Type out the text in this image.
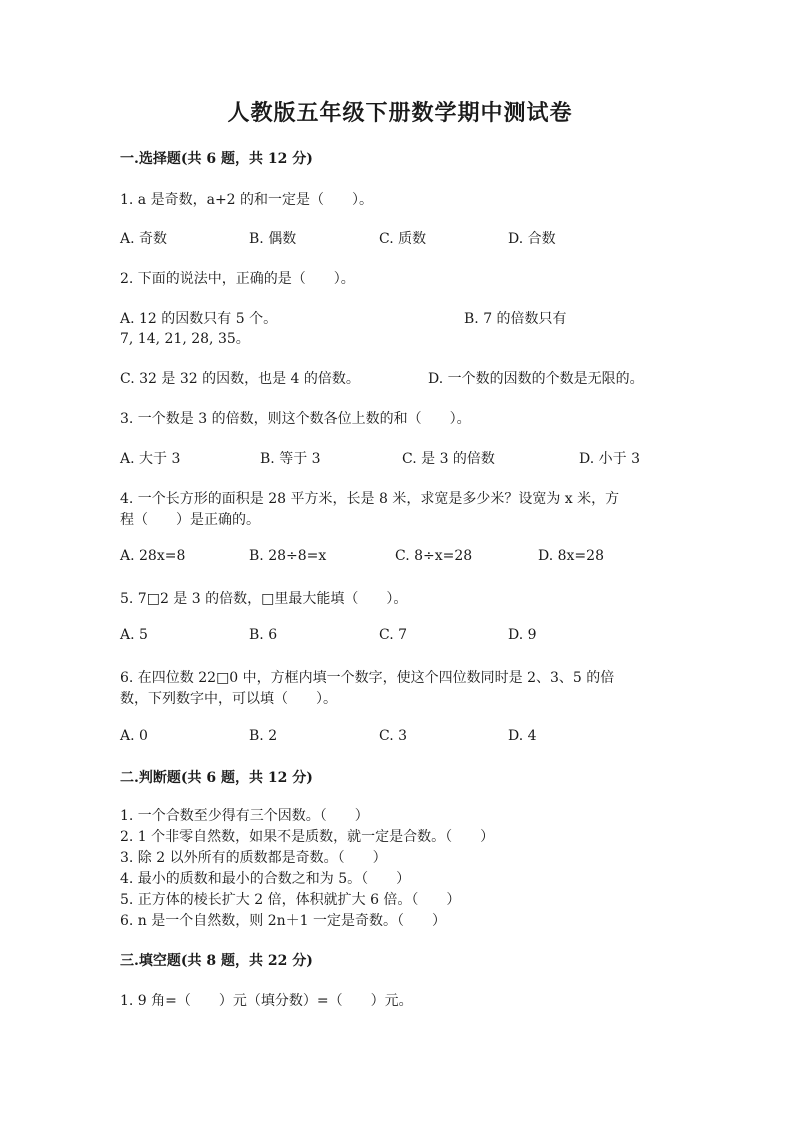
人教版五年级下册数学期中测试卷
一.选择题(共 6 题，共 12 分)
1. a 是奇数，a+2 的和一定是（　　）。
A. 奇数	B. 偶数	C. 质数	D. 合数
2. 下面的说法中，正确的是（　　）。
A. 12 的因数只有 5 个。	B. 7 的倍数只有
7, 14, 21, 28, 35。
C. 32 是 32 的因数，也是 4 的倍数。	D. 一个数的因数的个数是无限的。
3. 一个数是 3 的倍数，则这个数各位上数的和（　　）。
A. 大于 3	B. 等于 3	C. 是 3 的倍数	D. 小于 3
4. 一个长方形的面积是 28 平方米，长是 8 米，求宽是多少米？设宽为 x 米，方
程（　　）是正确的。
A. 28x=8	B. 28÷8=x	C. 8÷x=28	D. 8x=28
5. 7□2 是 3 的倍数，□里最大能填（　　）。
A. 5	B. 6	C. 7	D. 9
6. 在四位数 22□0 中，方框内填一个数字，使这个四位数同时是 2、3、5 的倍
数，下列数字中，可以填（　　）。
A. 0	B. 2	C. 3	D. 4
二.判断题(共 6 题，共 12 分)
1. 一个合数至少得有三个因数。（　　）
2. 1 个非零自然数，如果不是质数，就一定是合数。（　　）
3. 除 2 以外所有的质数都是奇数。（　　）
4. 最小的质数和最小的合数之和为 5。（　　）
5. 正方体的棱长扩大 2 倍，体积就扩大 6 倍。（　　）
6. n 是一个自然数，则 2n＋1 一定是奇数。（　　）
三.填空题(共 8 题，共 22 分)
1. 9 角=（　　）元（填分数）=（　　）元。
